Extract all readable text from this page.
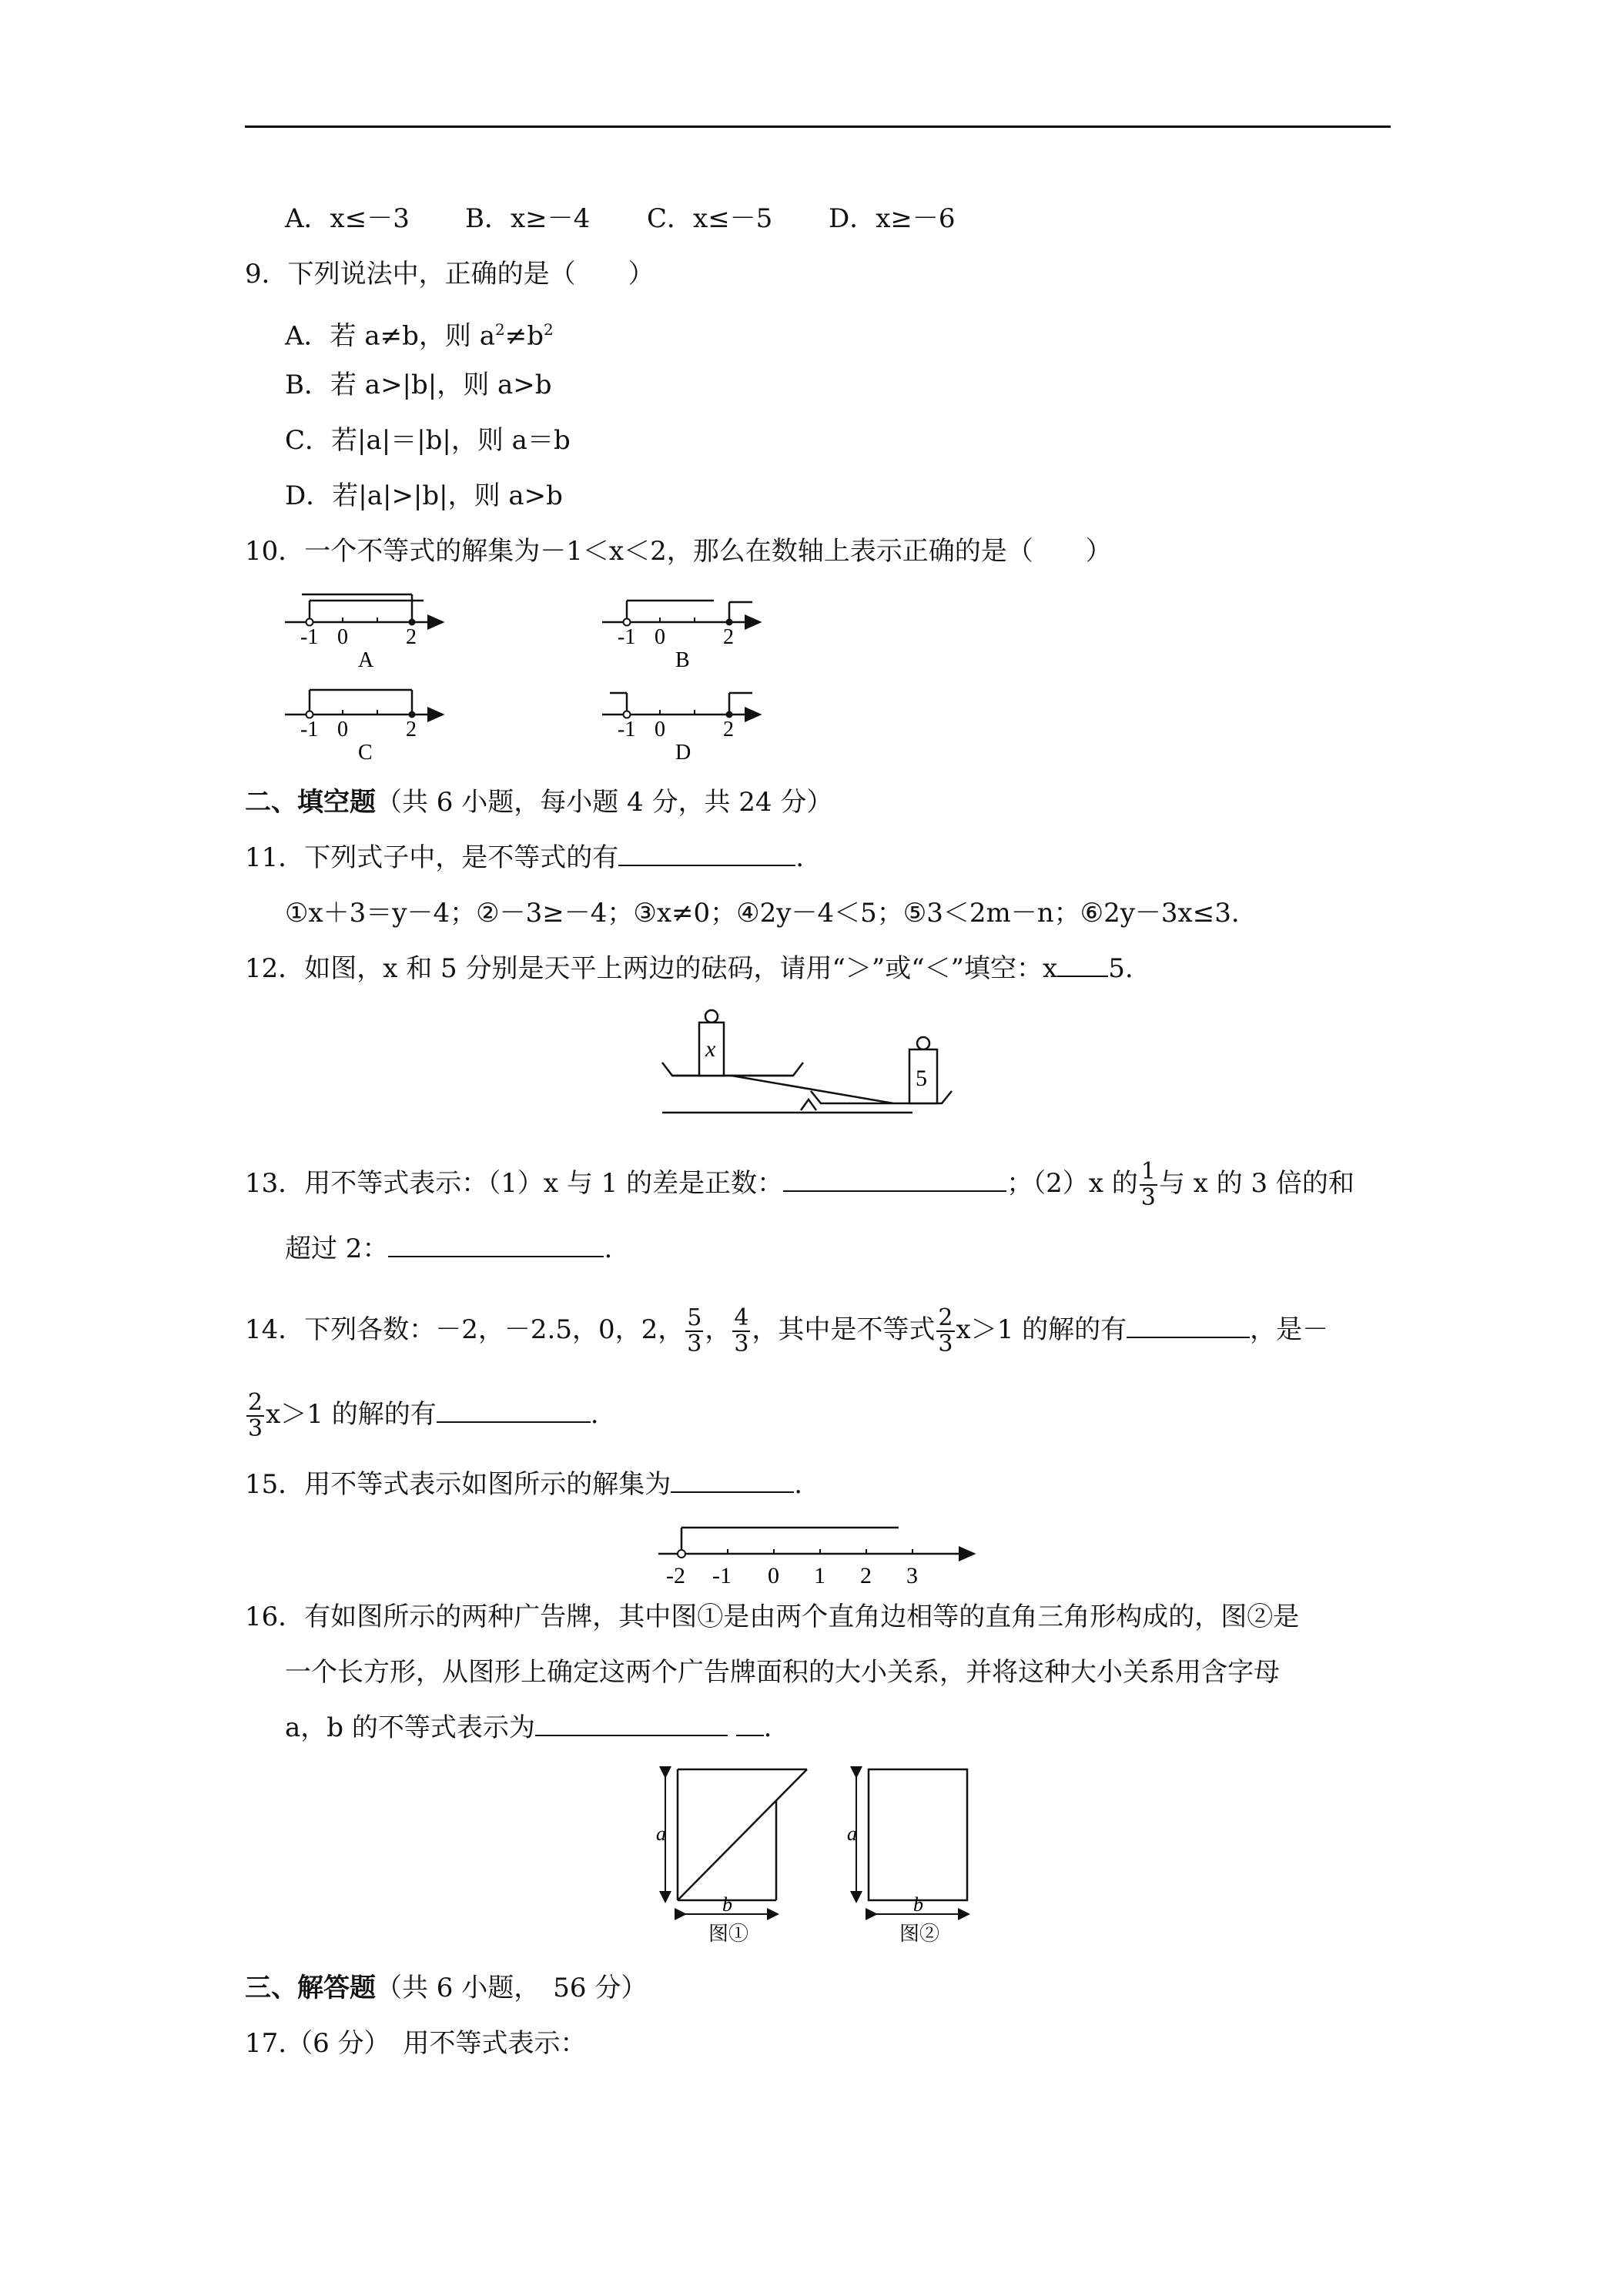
A．x≤－3 B．x≥－4 C．x≤－5 D．x≥－6
9．下列说法中，正确的是（　　）
A．若 a≠b，则 $a^2\ne b^2$
B．若 a>|b|，则 a>b
C．若|a|＝|b|，则 a＝b
D．若|a|>|b|，则 a>b
10．一个不等式的解集为－1＜x＜2，那么在数轴上表示正确的是（　　）
-1 0	2
A
-1 0	2
B
-1 0	2
C
-1 0	2
D
二、填空题（共 6 小题，每小题 4 分，共 24 分）
11．下列式子中，是不等式的有	.
①x＋3＝y－4；②－3≥－4；③x≠0；④2y－4＜5；⑤3＜2m－n；⑥2y－3x≤3.
12．如图，x 和 5 分别是天平上两边的砝码，请用“＞”或“＜”填空：x 5.
x
5
13．用不等式表示：（1）x 与 1 的差是正数：	；（2）x 的 $\frac{1}{3}$ 与 x 的 3 倍的和
超过 2：	.
14．下列各数：－2，－2.5，0，2， $\frac{5}{3}$ ， $\frac{4}{3}$ ，其中是不等式 $\frac{2}{3} x>1$ 的解的有	，是－
$\frac{2}{3} x>1$ 的解的有	.
15．用不等式表示如图所示的解集为	.
-2 -1 0 1 2 3
16．有如图所示的两种广告牌，其中图①是由两个直角边相等的直角三角形构成的，图②是
一个长方形，从图形上确定这两个广告牌面积的大小关系，并将这种大小关系用含字母
a，b 的不等式表示为	.
a
b
图①
a
b
图②
三、解答题（共 6 小题，　56 分）
17.（6 分）　用不等式表示：
